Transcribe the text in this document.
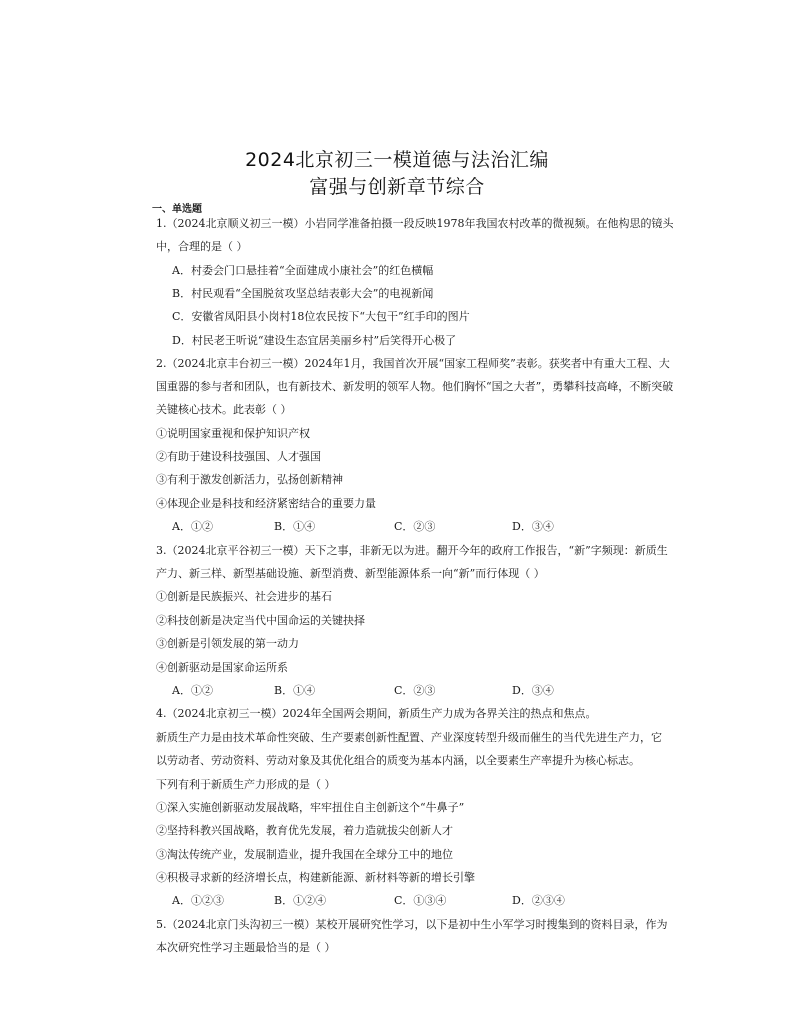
2024北京初三一模道德与法治汇编
富强与创新章节综合
一、单选题
1.（2024北京顺义初三一模）小岩同学准备拍摄一段反映1978年我国农村改革的微视频。在他构思的镜头
中，合理的是（ ）
A．村委会门口悬挂着“全面建成小康社会”的红色横幅
B．村民观看“全国脱贫攻坚总结表彰大会”的电视新闻
C．安徽省凤阳县小岗村18位农民按下“大包干”红手印的图片
D．村民老王听说“建设生态宜居美丽乡村”后笑得开心极了
2.（2024北京丰台初三一模）2024年1月，我国首次开展“国家工程师奖”表彰。获奖者中有重大工程、大
国重器的参与者和团队，也有新技术、新发明的领军人物。他们胸怀“国之大者”，勇攀科技高峰，不断突破
关键核心技术。此表彰（ ）
①说明国家重视和保护知识产权
②有助于建设科技强国、人才强国
③有利于激发创新活力，弘扬创新精神
④体现企业是科技和经济紧密结合的重要力量
A．①②	B．①④	C．②③	D．③④
3.（2024北京平谷初三一模）天下之事，非新无以为进。翻开今年的政府工作报告，“新”字频现：新质生
产力、新三样、新型基础设施、新型消费、新型能源体系一向“新”而行体现（ ）
①创新是民族振兴、社会进步的基石
②科技创新是决定当代中国命运的关键抉择
③创新是引领发展的第一动力
④创新驱动是国家命运所系
A．①②	B．①④	C．②③	D．③④
4.（2024北京初三一模）2024年全国两会期间，新质生产力成为各界关注的热点和焦点。
新质生产力是由技术革命性突破、生产要素创新性配置、产业深度转型升级而催生的当代先进生产力，它
以劳动者、劳动资料、劳动对象及其优化组合的质变为基本内涵，以全要素生产率提升为核心标志。
下列有利于新质生产力形成的是（ ）
①深入实施创新驱动发展战略，牢牢扭住自主创新这个“牛鼻子”
②坚持科教兴国战略，教育优先发展，着力造就拔尖创新人才
③淘汰传统产业，发展制造业，提升我国在全球分工中的地位
④积极寻求新的经济增长点，构建新能源、新材料等新的增长引擎
A．①②③	B．①②④	C．①③④	D．②③④
5.（2024北京门头沟初三一模）某校开展研究性学习，以下是初中生小军学习时搜集到的资料目录，作为
本次研究性学习主题最恰当的是（ ）
